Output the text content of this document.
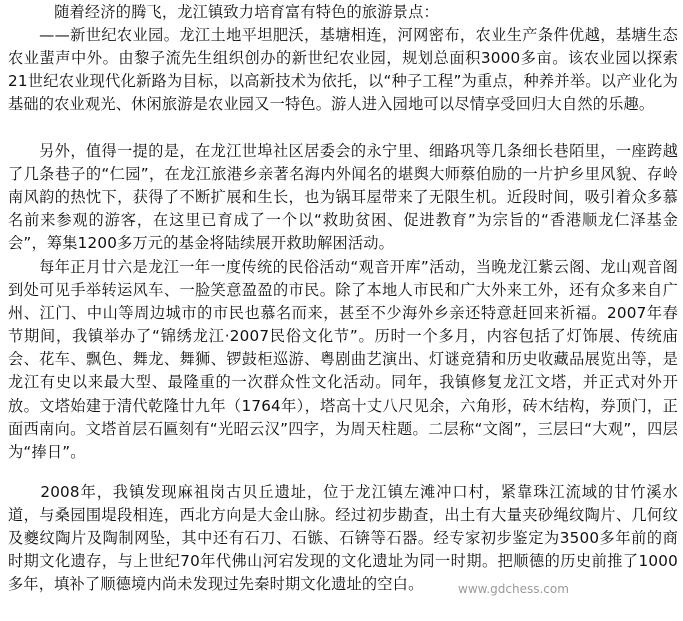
　　　随着经济的腾飞，龙江镇致力培育富有特色的旅游景点：

　　——新世纪农业园。龙江土地平坦肥沃，基塘相连，河网密布，农业生产条件优越，基塘生态农业蜚声中外。由黎子流先生组织创办的新世纪农业园，规划总面积3000多亩。该农业园以探索21世纪农业现代化新路为目标，以高新技术为依托，以“种子工程”为重点，种养并举。以产业化为基础的农业观光、休闲旅游是农业园又一特色。游人进入园地可以尽情享受回归大自然的乐趣。

　　另外，值得一提的是，在龙江世埠社区居委会的永宁里、细路巩等几条细长巷陌里，一座跨越了几条巷子的“仁园”，在龙江旅港乡亲著名海内外闻名的堪舆大师蔡伯励的一片护乡里风貌、存岭南风韵的热忱下，获得了不断扩展和生长，也为锅耳屋带来了无限生机。近段时间，吸引着众多慕名前来参观的游客，在这里已育成了一个以“救助贫困、促进教育”为宗旨的“香港顺龙仁泽基金会”，筹集1200多万元的基金将陆续展开救助解困活动。

　　每年正月廿六是龙江一年一度传统的民俗活动“观音开库”活动，当晚龙江紫云阁、龙山观音阁到处可见手举转运风车、一脸笑意盈盈的市民。除了本地人市民和广大外来工外，还有众多来自广州、江门、中山等周边城市的市民也慕名而来，甚至不少海外乡亲还特意赶回来祈福。2007年春节期间，我镇举办了“锦绣龙江·2007民俗文化节”。历时一个多月，内容包括了灯饰展、传统庙会、花车、飘色、舞龙、舞狮、锣鼓柜巡游、粤剧曲艺演出、灯谜竞猜和历史收藏品展览出等，是龙江有史以来最大型、最隆重的一次群众性文化活动。同年，我镇修复龙江文塔，并正式对外开放。文塔始建于清代乾隆廿九年（1764年），塔高十丈八尺见余，六角形，砖木结构，券顶门，正面西南向。文塔首层石匾刻有“光昭云汉”四字，为周天柱题。二层称“文阁”，三层曰“大观”，四层为“捧日”。

　　2008年，我镇发现麻祖岗古贝丘遗址，位于龙江镇左滩冲口村，紧靠珠江流域的甘竹溪水道，与桑园围堤段相连，西北方向是大金山脉。经过初步勘查，出土有大量夹砂绳纹陶片、几何纹及夔纹陶片及陶制网坠，其中还有石刀、石镞、石锛等石器。经专家初步鉴定为3500多年前的商时期文化遗存，与上世纪70年代佛山河宕发现的文化遗址为同一时期。把顺德的历史前推了1000多年，填补了顺德境内尚未发现过先秦时期文化遗址的空白。	www.gdchess.com
